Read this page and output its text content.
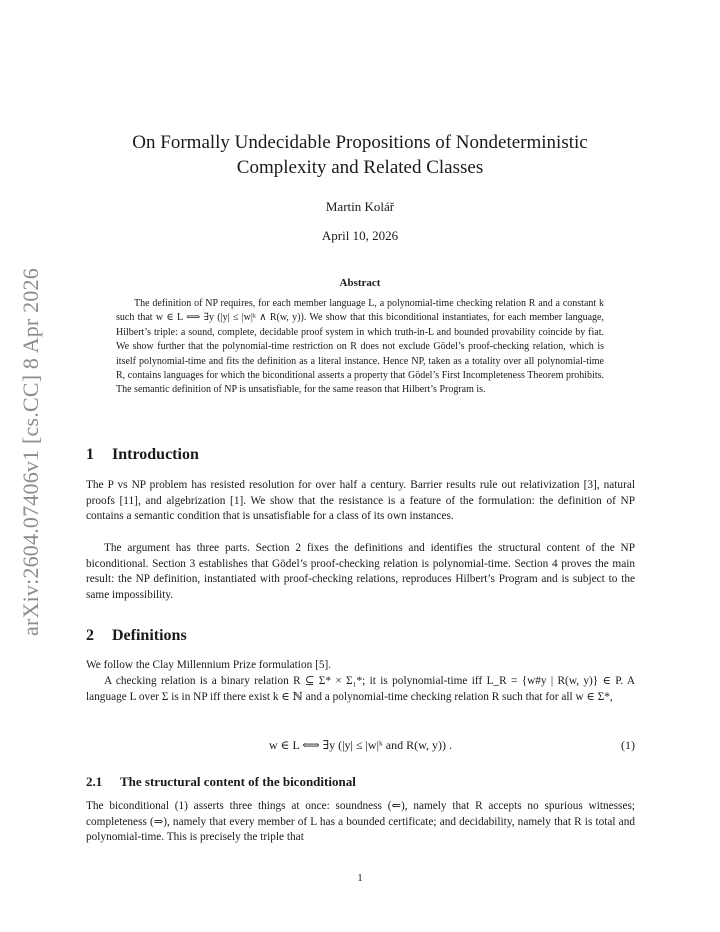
arXiv:2604.07406v1 [cs.CC] 8 Apr 2026
On Formally Undecidable Propositions of Nondeterministic Complexity and Related Classes
Martin Kolář
April 10, 2026
Abstract
The definition of NP requires, for each member language L, a polynomial-time checking relation R and a constant k such that w ∈ L ⟺ ∃y (|y| ≤ |w|ᵏ ∧ R(w, y)). We show that this biconditional instantiates, for each member language, Hilbert’s triple: a sound, complete, decidable proof system in which truth-in-L and bounded provability coincide by fiat. We show further that the polynomial-time restriction on R does not exclude Gödel’s proof-checking relation, which is itself polynomial-time and fits the definition as a literal instance. Hence NP, taken as a totality over all polynomial-time R, contains languages for which the biconditional asserts a property that Gödel’s First Incompleteness Theorem prohibits. The semantic definition of NP is unsatisfiable, for the same reason that Hilbert’s Program is.
1 Introduction
The P vs NP problem has resisted resolution for over half a century. Barrier results rule out relativization [3], natural proofs [11], and algebrization [1]. We show that the resistance is a feature of the formulation: the definition of NP contains a semantic condition that is unsatisfiable for a class of its own instances.
The argument has three parts. Section 2 fixes the definitions and identifies the structural content of the NP biconditional. Section 3 establishes that Gödel’s proof-checking relation is polynomial-time. Section 4 proves the main result: the NP definition, instantiated with proof-checking relations, reproduces Hilbert’s Program and is subject to the same impossibility.
2 Definitions
We follow the Clay Millennium Prize formulation [5].
A checking relation is a binary relation R ⊆ Σ* × Σ₁*; it is polynomial-time iff L_R = {w#y | R(w, y)} ∈ P. A language L over Σ is in NP iff there exist k ∈ ℕ and a polynomial-time checking relation R such that for all w ∈ Σ*,
w ∈ L ⟺ ∃y (|y| ≤ |w|ᵏ and R(w, y)) .	(1)
2.1 The structural content of the biconditional
The biconditional (1) asserts three things at once: soundness (⇐), namely that R accepts no spurious witnesses; completeness (⇒), namely that every member of L has a bounded certificate; and decidability, namely that R is total and polynomial-time. This is precisely the triple that
1
